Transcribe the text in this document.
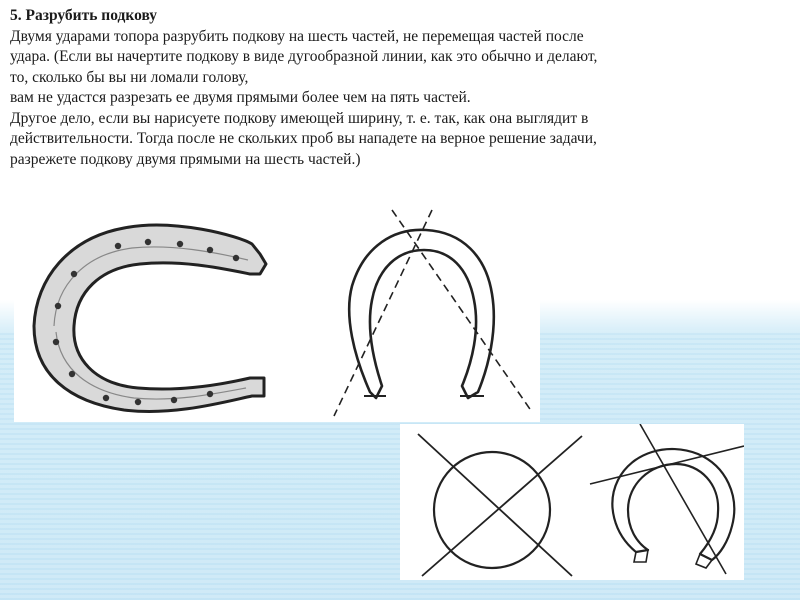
5. Разрубить подкову
Двумя ударами топора разрубить подкову на шесть частей, не перемещая частей после
удара. (Если вы начертите подкову в виде дугообразной линии, как это обычно и делают,
то, сколько бы вы ни ломали голову,
вам не удастся разрезать ее двумя прямыми более чем на пять частей.
Другое дело, если вы нарисуете подкову имеющей ширину, т. е. так, как она выглядит в
действительности. Тогда после не скольких проб вы нападете на верное решение задачи,
разрежете подкову двумя прямыми на шесть частей.)
